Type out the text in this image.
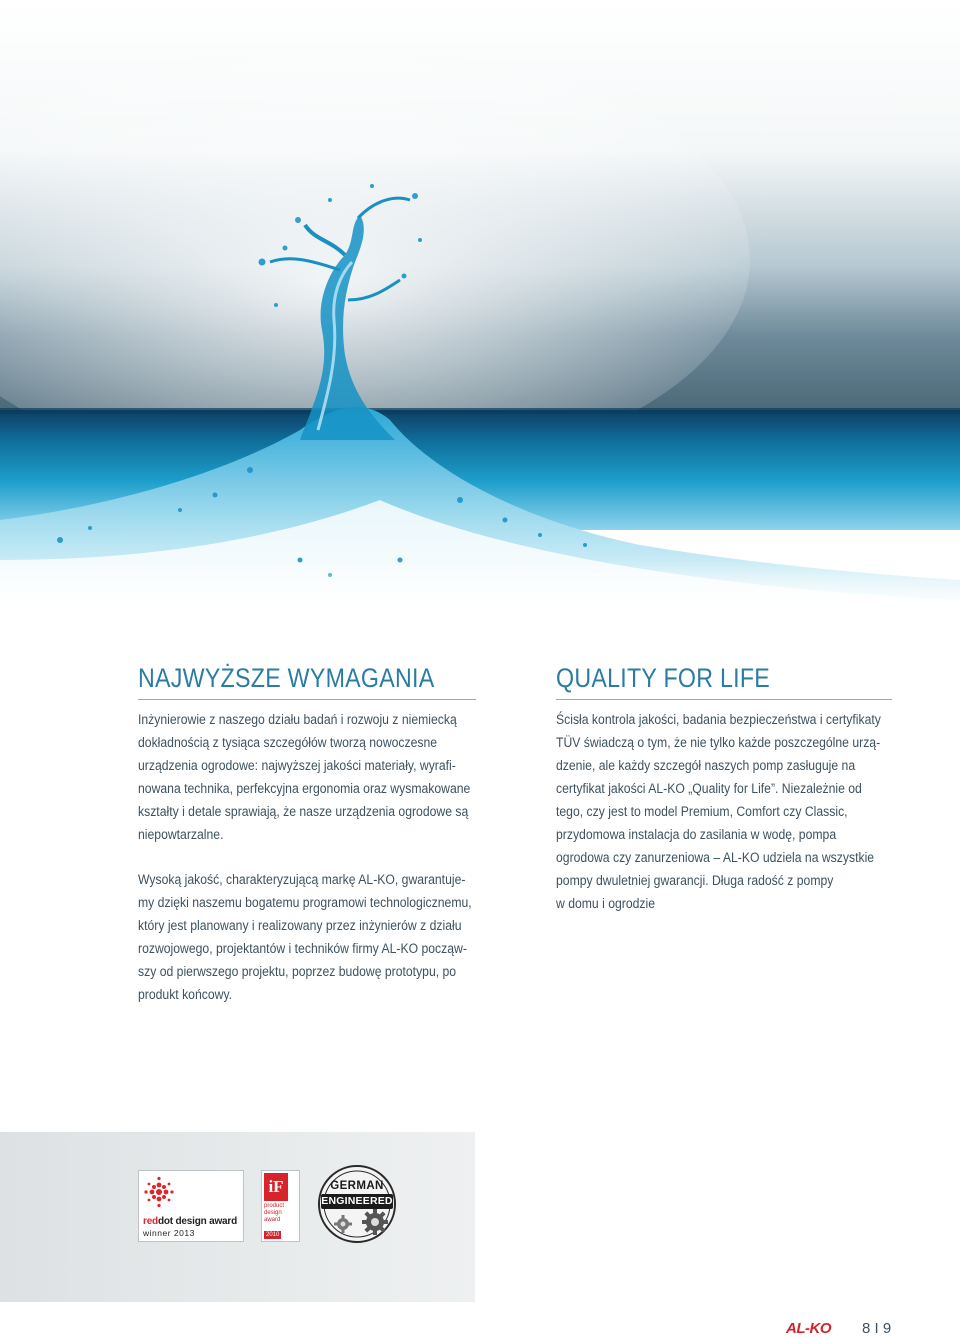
NAJWYŻSZE WYMAGANIA

Inżynierowie z naszego działu badań i rozwoju z niemiecką
dokładnością z tysiąca szczegółów tworzą nowoczesne
urządzenia ogrodowe: najwyższej jakości materiały, wyrafi-
nowana technika, perfekcyjna ergonomia oraz wysmakowane
kształty i detale sprawiają, że nasze urządzenia ogrodowe są
niepowtarzalne.

Wysoką jakość, charakteryzującą markę AL-KO, gwarantuje-
my dzięki naszemu bogatemu programowi technologicznemu,
który jest planowany i realizowany przez inżynierów z działu
rozwojowego, projektantów i techników firmy AL-KO począw-
szy od pierwszego projektu, poprzez budowę prototypu, po
produkt końcowy.

QUALITY FOR LIFE

Ścisła kontrola jakości, badania bezpieczeństwa i certyfikaty
TÜV świadczą o tym, że nie tylko każde poszczególne urzą-
dzenie, ale każdy szczegół naszych pomp zasługuje na
certyfikat jakości AL-KO „Quality for Life”. Niezależnie od
tego, czy jest to model Premium, Comfort czy Classic,
przydomowa instalacja do zasilania w wodę, pompa
ogrodowa czy zanurzeniowa – AL-KO udziela na wszystkie
pompy dwuletniej gwarancji. Długa radość z pompy
w domu i ogrodzie

reddot design award
winner 2013
iF
product design award
2010
GERMAN
ENGINEERED
AL-KO 8 I 9
